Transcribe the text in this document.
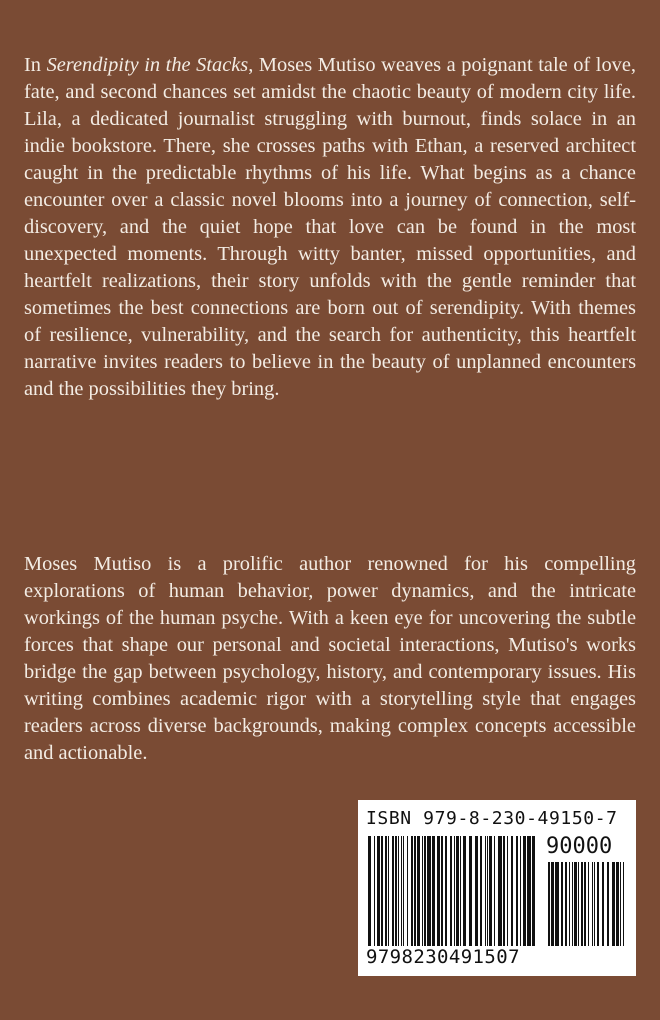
In Serendipity in the Stacks, Moses Mutiso weaves a poignant tale of love, fate, and second chances set amidst the chaotic beauty of modern city life. Lila, a dedicated journalist struggling with burnout, finds solace in an indie bookstore. There, she crosses paths with Ethan, a reserved architect caught in the predictable rhythms of his life. What begins as a chance encounter over a classic novel blooms into a journey of connection, self-discovery, and the quiet hope that love can be found in the most unexpected moments. Through witty banter, missed opportunities, and heartfelt realizations, their story unfolds with the gentle reminder that sometimes the best connections are born out of serendipity. With themes of resilience, vulnerability, and the search for authenticity, this heartfelt narrative invites readers to believe in the beauty of unplanned encounters and the possibilities they bring.

Moses Mutiso is a prolific author renowned for his compelling explorations of human behavior, power dynamics, and the intricate workings of the human psyche. With a keen eye for uncovering the subtle forces that shape our personal and societal interactions, Mutiso's works bridge the gap between psychology, history, and contemporary issues. His writing combines academic rigor with a storytelling style that engages readers across diverse backgrounds, making complex concepts accessible and actionable.

ISBN 979-8-230-49150-7
90000
9798230491507
